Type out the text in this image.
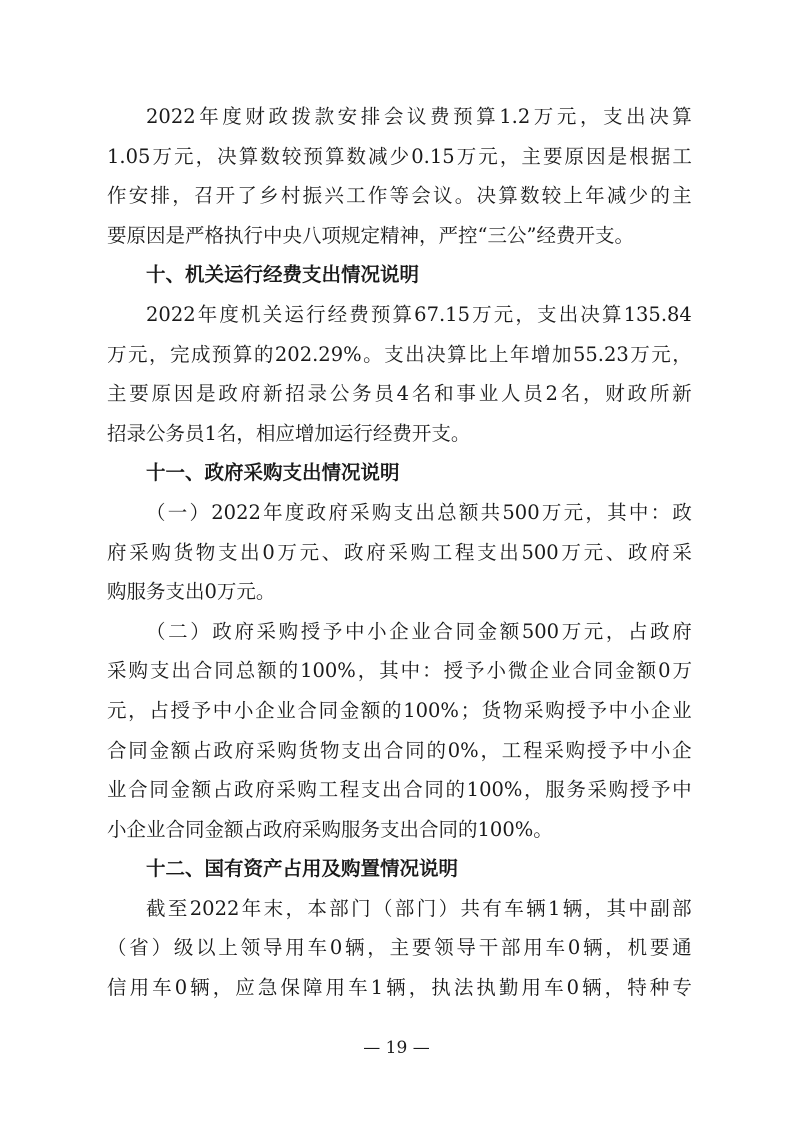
2022 年 度 财 政 拨 款 安 排 会 议 费 预 算 1.2 万 元 ， 支 出 决 算
1.05 万 元 ， 决 算 数 较 预 算 数 减 少 0.15 万 元 ， 主 要 原 因 是 根 据 工
作 安 排 ， 召 开 了 乡 村 振 兴 工 作 等 会 议 。 决 算 数 较 上 年 减 少 的 主
要原因是严格执行中央八项规定精神，严控“三公”经费开支。
十、机关运行经费支出情况说明
2022 年 度 机 关 运 行 经 费 预 算 67.15 万 元 ， 支 出 决 算 135.84
万 元 ， 完 成 预 算 的 202.29% 。 支 出 决 算 比 上 年 增 加 55.23 万 元 ，
主 要 原 因 是 政 府 新 招 录 公 务 员 4 名 和 事 业 人 员 2 名 ， 财 政 所 新
招录公务员1名，相应增加运行经费开支。
十一、政府采购支出情况说明
（ 一 ） 2022 年 度 政 府 采 购 支 出 总 额 共 500 万 元 ， 其 中 ： 政
府 采 购 货 物 支 出 0 万 元 、 政 府 采 购 工 程 支 出 500 万 元 、 政 府 采
购服务支出0万元。
（ 二 ） 政 府 采 购 授 予 中 小 企 业 合 同 金 额 500 万 元 ， 占 政 府
采 购 支 出 合 同 总 额 的 100% ， 其 中 ： 授 予 小 微 企 业 合 同 金 额 0 万
元 ， 占 授 予 中 小 企 业 合 同 金 额 的 100% ； 货 物 采 购 授 予 中 小 企 业
合 同 金 额 占 政 府 采 购 货 物 支 出 合 同 的 0% ， 工 程 采 购 授 予 中 小 企
业 合 同 金 额 占 政 府 采 购 工 程 支 出 合 同 的 100% ， 服 务 采 购 授 予 中
小企业合同金额占政府采购服务支出合同的100%。
十二、国有资产占用及购置情况说明
截 至 2022 年 末 ， 本 部 门 （ 部 门 ） 共 有 车 辆 1 辆 ， 其 中 副 部
（ 省 ） 级 以 上 领 导 用 车 0 辆 ， 主 要 领 导 干 部 用 车 0 辆 ， 机 要 通
信 用 车 0 辆 ， 应 急 保 障 用 车 1 辆 ， 执 法 执 勤 用 车 0 辆 ， 特 种 专
— 19 —
